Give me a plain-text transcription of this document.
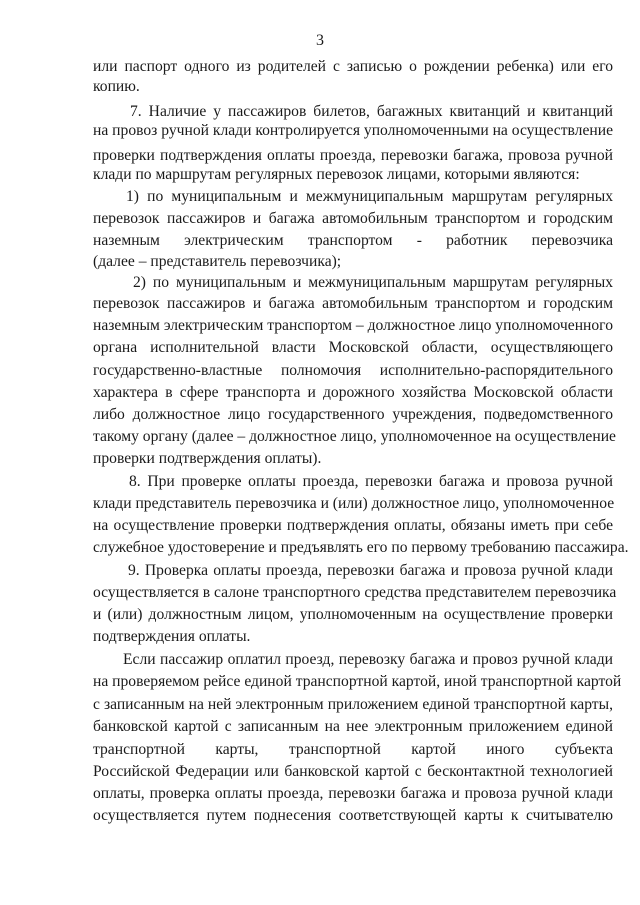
3
или паспорт одного из родителей с записью о рождении ребенка) или его
копию.
7. Наличие у пассажиров билетов, багажных квитанций и квитанций
на провоз ручной клади контролируется уполномоченными на осуществление
проверки подтверждения оплаты проезда, перевозки багажа, провоза ручной
клади по маршрутам регулярных перевозок лицами, которыми являются:
1) по муниципальным и межмуниципальным маршрутам регулярных
перевозок пассажиров и багажа автомобильным транспортом и городским
наземным электрическим транспортом - работник перевозчика
(далее – представитель перевозчика);
2) по муниципальным и межмуниципальным маршрутам регулярных
перевозок пассажиров и багажа автомобильным транспортом и городским
наземным электрическим транспортом – должностное лицо уполномоченного
органа исполнительной власти Московской области, осуществляющего
государственно-властные полномочия исполнительно-распорядительного
характера в сфере транспорта и дорожного хозяйства Московской области
либо должностное лицо государственного учреждения, подведомственного
такому органу (далее – должностное лицо, уполномоченное на осуществление
проверки подтверждения оплаты).
8. При проверке оплаты проезда, перевозки багажа и провоза ручной
клади представитель перевозчика и (или) должностное лицо, уполномоченное
на осуществление проверки подтверждения оплаты, обязаны иметь при себе
служебное удостоверение и предъявлять его по первому требованию пассажира.
9. Проверка оплаты проезда, перевозки багажа и провоза ручной клади
осуществляется в салоне транспортного средства представителем перевозчика
и (или) должностным лицом, уполномоченным на осуществление проверки
подтверждения оплаты.
Если пассажир оплатил проезд, перевозку багажа и провоз ручной клади
на проверяемом рейсе единой транспортной картой, иной транспортной картой
с записанным на ней электронным приложением единой транспортной карты,
банковской картой с записанным на нее электронным приложением единой
транспортной карты, транспортной картой иного субъекта
Российской Федерации или банковской картой с бесконтактной технологией
оплаты, проверка оплаты проезда, перевозки багажа и провоза ручной клади
осуществляется путем поднесения соответствующей карты к считывателю
